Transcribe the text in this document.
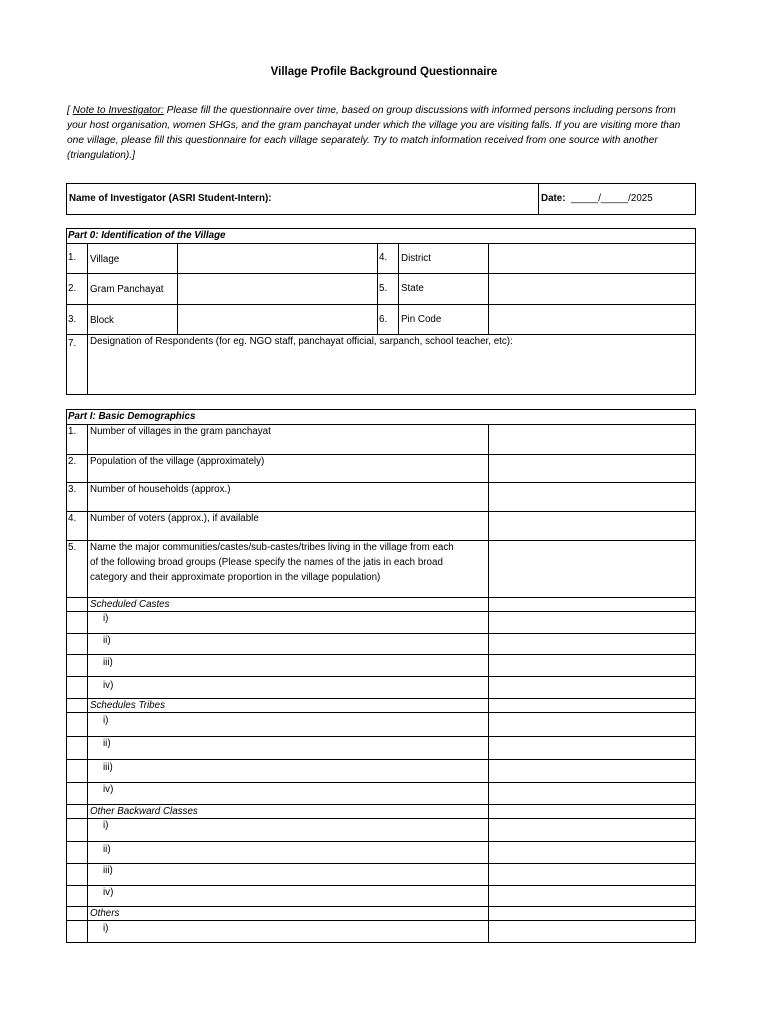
Village Profile Background Questionnaire
[ Note to Investigator: Please fill the questionnaire over time, based on group discussions with informed persons including persons from your host organisation, women SHGs, and the gram panchayat under which the village you are visiting falls. If you are visiting more than one village, please fill this questionnaire for each village separately. Try to match information received from one source with another (triangulation).]
Name of Investigator (ASRI Student-Intern):	Date: _____/_____/2025
Part 0: Identification of the Village
1. Village	4. District
2. Gram Panchayat	5. State
3. Block	6. Pin Code
7. Designation of Respondents (for eg. NGO staff, panchayat official, sarpanch, school teacher, etc):
Part I: Basic Demographics
1. Number of villages in the gram panchayat
2. Population of the village (approximately)
3. Number of households (approx.)
4. Number of voters (approx.), if available
5. Name the major communities/castes/sub-castes/tribes living in the village from each
of the following broad groups (Please specify the names of the jatis in each broad
category and their approximate proportion in the village population)
Scheduled Castes
i)
ii)
iii)
iv)
Schedules Tribes
i)
ii)
iii)
iv)
Other Backward Classes
i)
ii)
iii)
iv)
Others
i)
